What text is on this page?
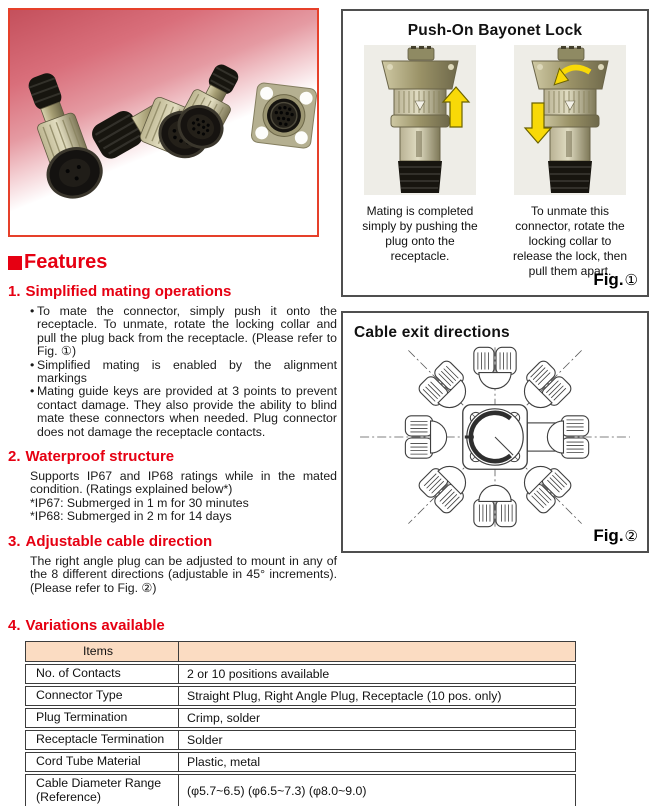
Push-On Bayonet Lock

Mating is completed simply by pushing the plug onto the receptacle.

To unmate this connector, rotate the locking collar to release the lock, then pull them apart.

Fig.①
Cable exit directions
Fig.②
Features
1. Simplified mating operations
• To mate the connector, simply push it onto the receptacle. To unmate, rotate the locking collar and pull the plug back from the receptacle. (Please refer to Fig. ①)
• Simplified mating is enabled by the alignment markings
• Mating guide keys are provided at 3 points to prevent contact damage. They also provide the ability to blind mate these connectors when needed. Plug connector does not damage the receptacle contacts.
2. Waterproof structure

Supports IP67 and IP68 ratings while in the mated condition. (Ratings explained below*)

*IP67: Submerged in 1 m for 30 minutes
*IP68: Submerged in 2 m for 14 days
3. Adjustable cable direction

The right angle plug can be adjusted to mount in any of the 8 different directions (adjustable in 45° increments). (Please refer to Fig. ②)

4. Variations available
Items	
No. of Contacts	2 or 10 positions available
Connector Type	Straight Plug, Right Angle Plug, Receptacle (10 pos. only)
Plug Termination	Crimp, solder
Receptacle Termination	Solder
Cord Tube Material	Plastic, metal
Cable Diameter Range (Reference)	(φ5.7~6.5) (φ6.5~7.3) (φ8.0~9.0)
